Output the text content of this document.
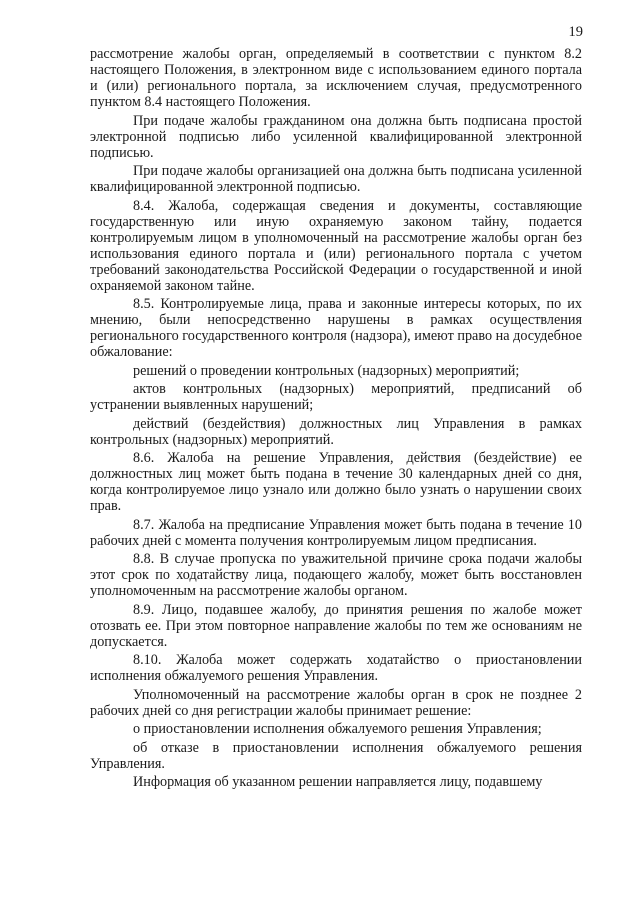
19

рассмотрение жалобы орган, определяемый в соответствии с пунктом 8.2 настоящего Положения, в электронном виде с использованием единого портала и (или) регионального портала, за исключением случая, предусмотренного пунктом 8.4 настоящего Положения.

При подаче жалобы гражданином она должна быть подписана простой электронной подписью либо усиленной квалифицированной электронной подписью.

При подаче жалобы организацией она должна быть подписана усиленной квалифицированной электронной подписью.

8.4. Жалоба, содержащая сведения и документы, составляющие государственную или иную охраняемую законом тайну, подается контролируемым лицом в уполномоченный на рассмотрение жалобы орган без использования единого портала и (или) регионального портала с учетом требований законодательства Российской Федерации о государственной и иной охраняемой законом тайне.

8.5. Контролируемые лица, права и законные интересы которых, по их мнению, были непосредственно нарушены в рамках осуществления регионального государственного контроля (надзора), имеют право на досудебное обжалование:

решений о проведении контрольных (надзорных) мероприятий;

актов контрольных (надзорных) мероприятий, предписаний об устранении выявленных нарушений;

действий (бездействия) должностных лиц Управления в рамках контрольных (надзорных) мероприятий.

8.6. Жалоба на решение Управления, действия (бездействие) ее должностных лиц может быть подана в течение 30 календарных дней со дня, когда контролируемое лицо узнало или должно было узнать о нарушении своих прав.

8.7. Жалоба на предписание Управления может быть подана в течение 10 рабочих дней с момента получения контролируемым лицом предписания.

8.8. В случае пропуска по уважительной причине срока подачи жалобы этот срок по ходатайству лица, подающего жалобу, может быть восстановлен уполномоченным на рассмотрение жалобы органом.

8.9. Лицо, подавшее жалобу, до принятия решения по жалобе может отозвать ее. При этом повторное направление жалобы по тем же основаниям не допускается.

8.10. Жалоба может содержать ходатайство о приостановлении исполнения обжалуемого решения Управления.

Уполномоченный на рассмотрение жалобы орган в срок не позднее 2 рабочих дней со дня регистрации жалобы принимает решение:

о приостановлении исполнения обжалуемого решения Управления;

об отказе в приостановлении исполнения обжалуемого решения Управления.

Информация об указанном решении направляется лицу, подавшему
